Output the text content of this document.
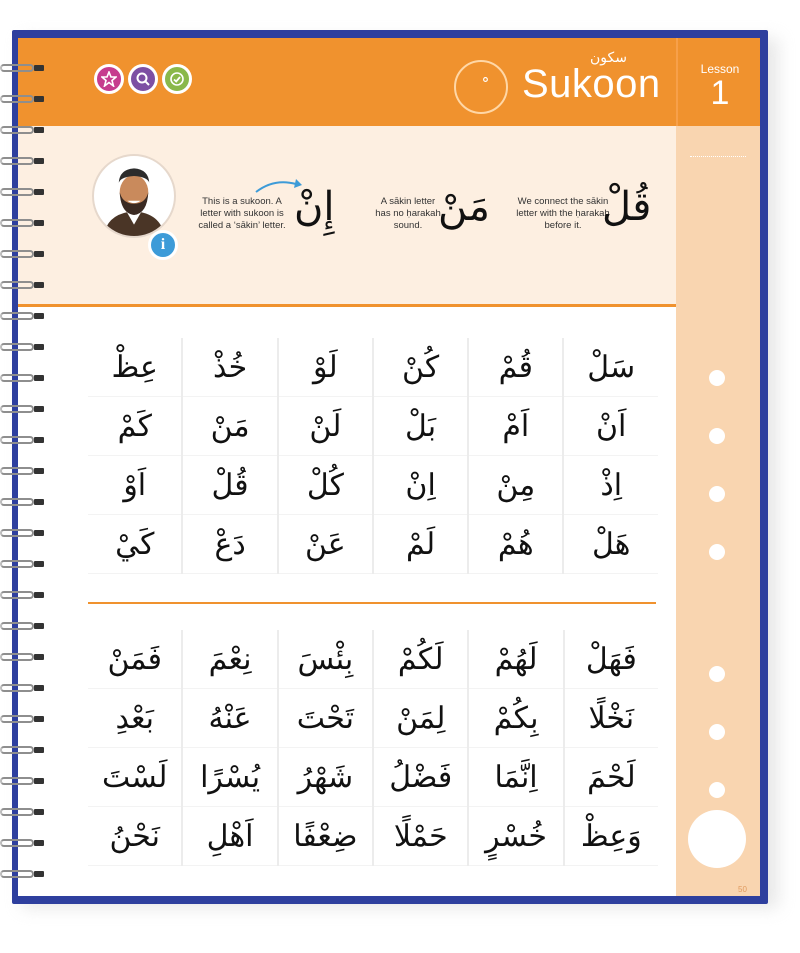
سكون
Sukoon	Lesson
1
50
i
This is a sukoon. A letter with sukoon is called a ‘sākin’ letter. إِنْ	A sākin letter has no ḥarakah sound. مَنْ	We connect the sākin letter with the ḥarakah before it. قُلْ
عِظْ	خُذْ	لَوْ	كُنْ	قُمْ	سَلْ
كَمْ	مَنْ	لَنْ	بَلْ	اَمْ	اَنْ
اَوْ	قُلْ	كُلْ	اِنْ	مِنْ	اِذْ
كَيْ	دَعْ	عَنْ	لَمْ	هُمْ	هَلْ
فَمَنْ	نِعْمَ	بِئْسَ	لَكُمْ	لَهُمْ	فَهَلْ
بَعْدِ	عَنْهُ	تَحْتَ	لِمَنْ	بِكُمْ	نَخْلًا
لَسْتَ	يُسْرًا	شَهْرُ	فَضْلُ	اِنَّمَا	لَحْمَ
نَحْنُ	اَهْلِ	ضِعْفًا	حَمْلًا	خُسْرٍ	وَعِظْ
